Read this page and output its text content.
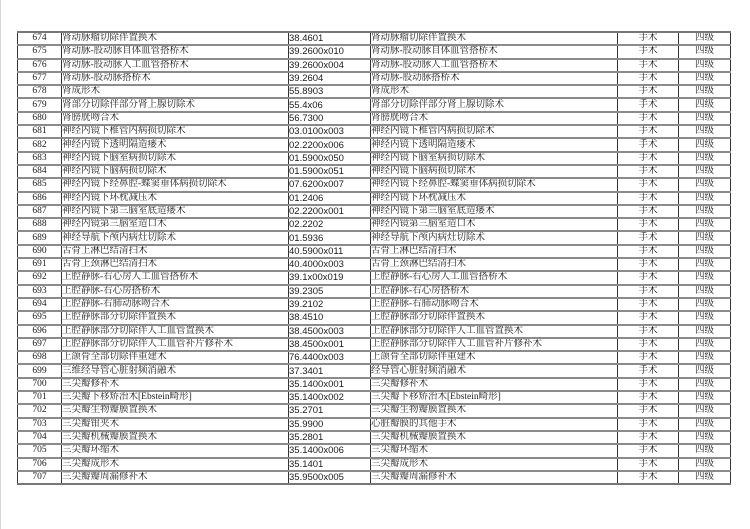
674	肾动脉瘤切除伴置换术	38.4601	肾动脉瘤切除伴置换术	手术	四级
675	肾动脉-股动脉自体血管搭桥术	39.2600x010	肾动脉-股动脉自体血管搭桥术	手术	四级
676	肾动脉-股动脉人工血管搭桥术	39.2600x004	肾动脉-股动脉人工血管搭桥术	手术	四级
677	肾动脉-股动脉搭桥术	39.2604	肾动脉-股动脉搭桥术	手术	四级
678	肾成形术	55.8903	肾成形术	手术	四级
679	肾部分切除伴部分肾上腺切除术	55.4x06	肾部分切除伴部分肾上腺切除术	手术	四级
680	肾膀胱吻合术	56.7300	肾膀胱吻合术	手术	四级
681	神经内镜下椎管内病损切除术	03.0100x003	神经内镜下椎管内病损切除术	手术	四级
682	神经内镜下透明隔造瘘术	02.2200x006	神经内镜下透明隔造瘘术	手术	四级
683	神经内镜下脑室病损切除术	01.5900x050	神经内镜下脑室病损切除术	手术	四级
684	神经内镜下脑病损切除术	01.5900x051	神经内镜下脑病损切除术	手术	四级
685	神经内镜下经鼻腔-蝶窦垂体病损切除术	07.6200x007	神经内镜下经鼻腔-蝶窦垂体病损切除术	手术	四级
686	神经内镜下环枕减压术	01.2406	神经内镜下环枕减压术	手术	四级
687	神经内镜下第三脑室底造瘘术	02.2200x001	神经内镜下第三脑室底造瘘术	手术	四级
688	神经内镜第三脑室造口术	02.2202	神经内镜第三脑室造口术	手术	四级
689	神经导航下颅内病灶切除术	01.5936	神经导航下颅内病灶切除术	手术	四级
690	舌骨上淋巴结清扫术	40.5900x011	舌骨上淋巴结清扫术	手术	四级
691	舌骨上颈淋巴结清扫术	40.4000x003	舌骨上颈淋巴结清扫术	手术	四级
692	上腔静脉-右心房人工血管搭桥术	39.1x00x019	上腔静脉-右心房人工血管搭桥术	手术	四级
693	上腔静脉-右心房搭桥术	39.2305	上腔静脉-右心房搭桥术	手术	四级
694	上腔静脉-右肺动脉吻合术	39.2102	上腔静脉-右肺动脉吻合术	手术	四级
695	上腔静脉部分切除伴置换术	38.4510	上腔静脉部分切除伴置换术	手术	四级
696	上腔静脉部分切除伴人工血管置换术	38.4500x003	上腔静脉部分切除伴人工血管置换术	手术	四级
697	上腔静脉部分切除伴人工血管补片修补术	38.4500x001	上腔静脉部分切除伴人工血管补片修补术	手术	四级
698	上颌骨全部切除伴重建术	76.4400x003	上颌骨全部切除伴重建术	手术	四级
699	三维经导管心脏射频消融术	37.3401	经导管心脏射频消融术	手术	四级
700	三尖瓣修补术	35.1400x001	三尖瓣修补术	手术	四级
701	三尖瓣下移矫治术[Ebstein畸形]	35.1400x002	三尖瓣下移矫治术[Ebstein畸形]	手术	四级
702	三尖瓣生物瓣膜置换术	35.2701	三尖瓣生物瓣膜置换术	手术	四级
703	三尖瓣钳夹术	35.9900	心脏瓣膜的其他手术	手术	四级
704	三尖瓣机械瓣膜置换术	35.2801	三尖瓣机械瓣膜置换术	手术	四级
705	三尖瓣环缩术	35.1400x006	三尖瓣环缩术	手术	四级
706	三尖瓣成形术	35.1401	三尖瓣成形术	手术	四级
707	三尖瓣瓣周漏修补术	35.9500x005	三尖瓣瓣周漏修补术	手术	四级
